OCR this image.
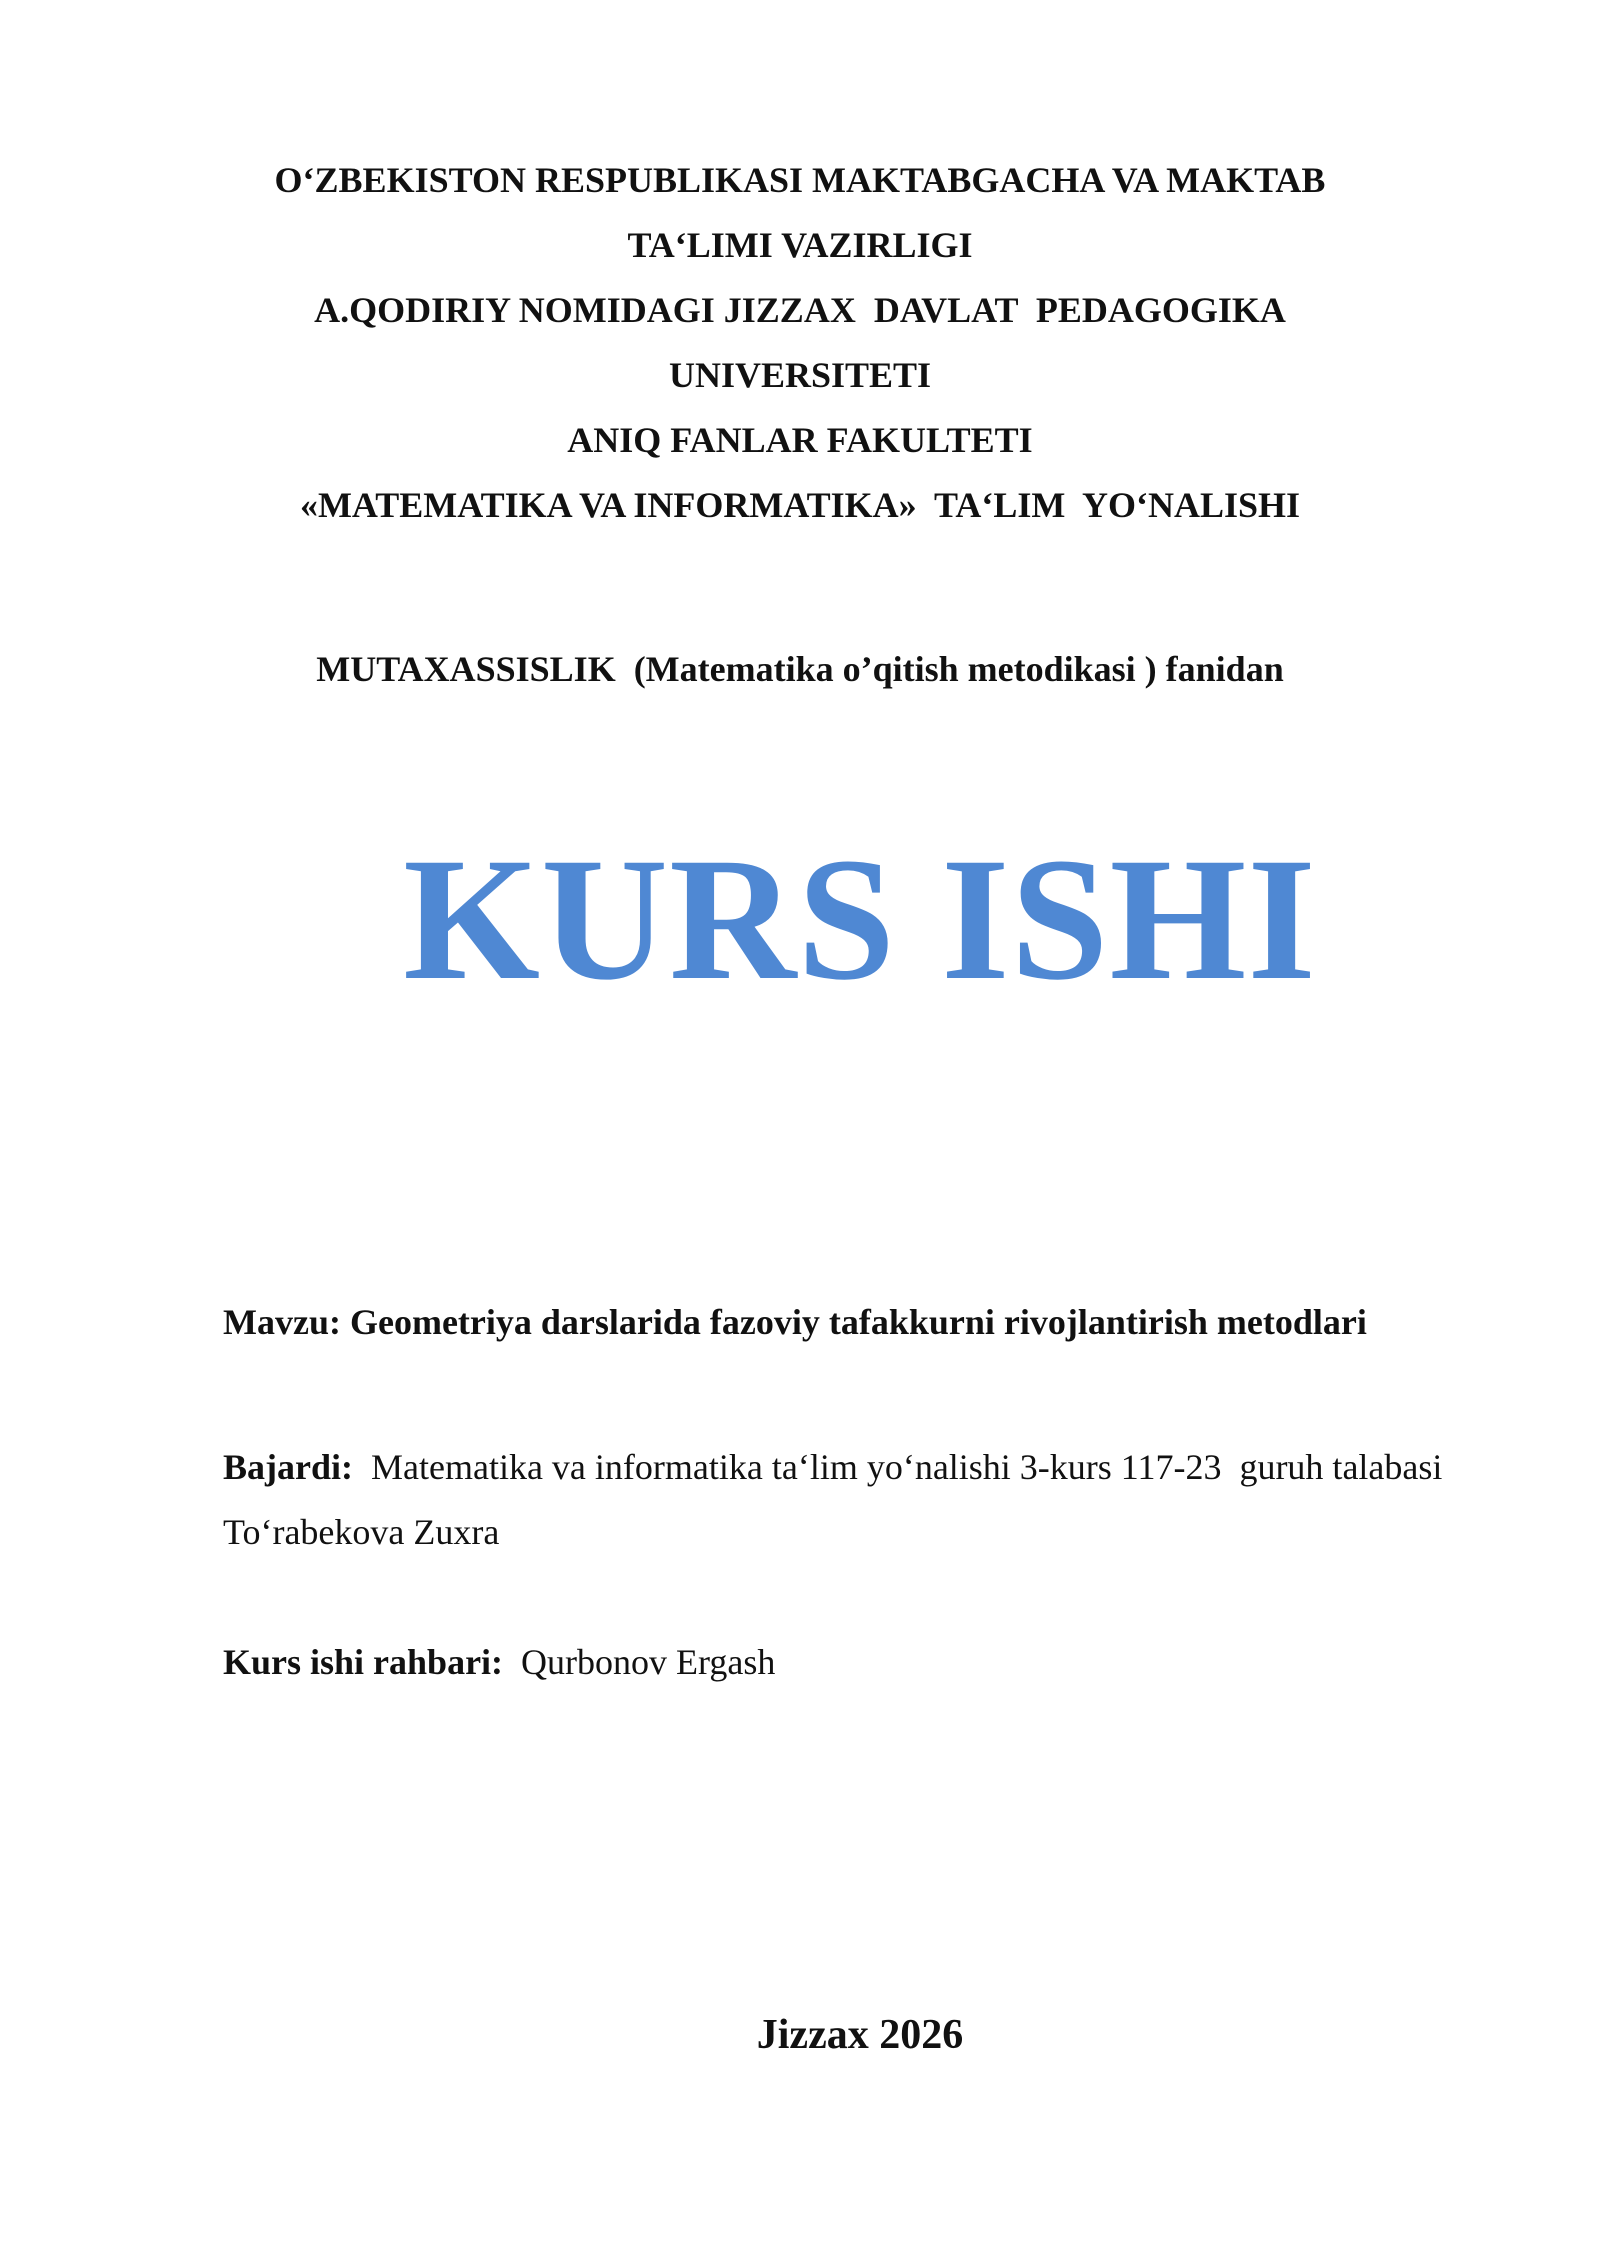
O‘ZBEKISTON RESPUBLIKASI MAKTABGACHA VA MAKTAB
TA‘LIMI VAZIRLIGI
A.QODIRIY NOMIDAGI JIZZAX  DAVLAT  PEDAGOGIKA
UNIVERSITETI
ANIQ FANLAR FAKULTETI
«MATEMATIKA VA INFORMATIKA»  TA‘LIM  YO‘NALISHI
MUTAXASSISLIK  (Matematika o’qitish metodikasi ) fanidan
KURS ISHI
Mavzu: Geometriya darslarida fazoviy tafakkurni rivojlantirish metodlari
Bajardi: Matematika va informatika ta‘lim yo‘nalishi 3-kurs 117-23  guruh talabasi To‘rabekova Zuxra
Kurs ishi rahbari: Qurbonov Ergash
Jizzax 2026
